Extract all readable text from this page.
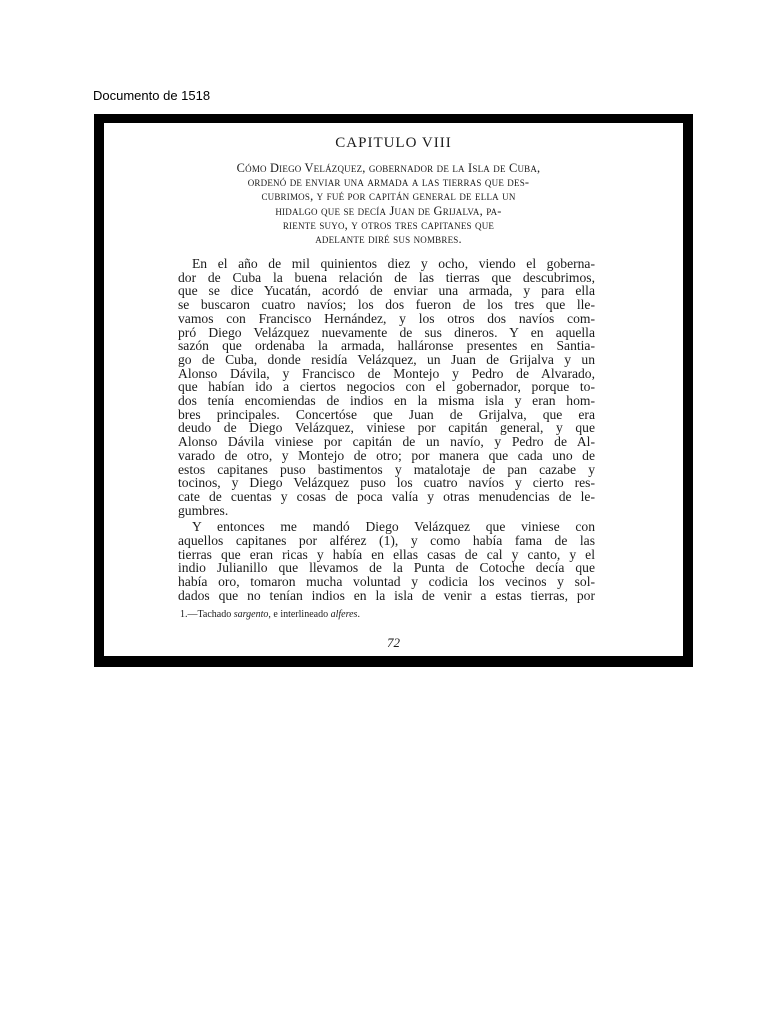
Documento de 1518
CAPITULO VIII
Cómo Diego Velázquez, gobernador de la Isla de Cuba,
ordenó de enviar una armada a las tierras que des-
cubrimos, y fué por capitán general de ella un
hidalgo que se decía Juan de Grijalva, pa-
riente suyo, y otros tres capitanes que
adelante diré sus nombres.
En el año de mil quinientos diez y ocho, viendo el goberna-
dor de Cuba la buena relación de las tierras que descubrimos,
que se dice Yucatán, acordó de enviar una armada, y para ella
se buscaron cuatro navíos; los dos fueron de los tres que lle-
vamos con Francisco Hernández, y los otros dos navíos com-
pró Diego Velázquez nuevamente de sus dineros. Y en aquella
sazón que ordenaba la armada, halláronse presentes en Santia-
go de Cuba, donde residía Velázquez, un Juan de Grijalva y un
Alonso Dávila, y Francisco de Montejo y Pedro de Alvarado,
que habían ido a ciertos negocios con el gobernador, porque to-
dos tenía encomiendas de indios en la misma isla y eran hom-
bres principales. Concertóse que Juan de Grijalva, que era
deudo de Diego Velázquez, viniese por capitán general, y que
Alonso Dávila viniese por capitán de un navío, y Pedro de Al-
varado de otro, y Montejo de otro; por manera que cada uno de
estos capitanes puso bastimentos y matalotaje de pan cazabe y
tocinos, y Diego Velázquez puso los cuatro navíos y cierto res-
cate de cuentas y cosas de poca valía y otras menudencias de le-
gumbres.
Y entonces me mandó Diego Velázquez que viniese con
aquellos capitanes por alférez (1), y como había fama de las
tierras que eran ricas y había en ellas casas de cal y canto, y el
indio Julianillo que llevamos de la Punta de Cotoche decía que
había oro, tomaron mucha voluntad y codicia los vecinos y sol-
dados que no tenían indios en la isla de venir a estas tierras, por
1.—Tachado sargento, e interlineado alferes.
72
